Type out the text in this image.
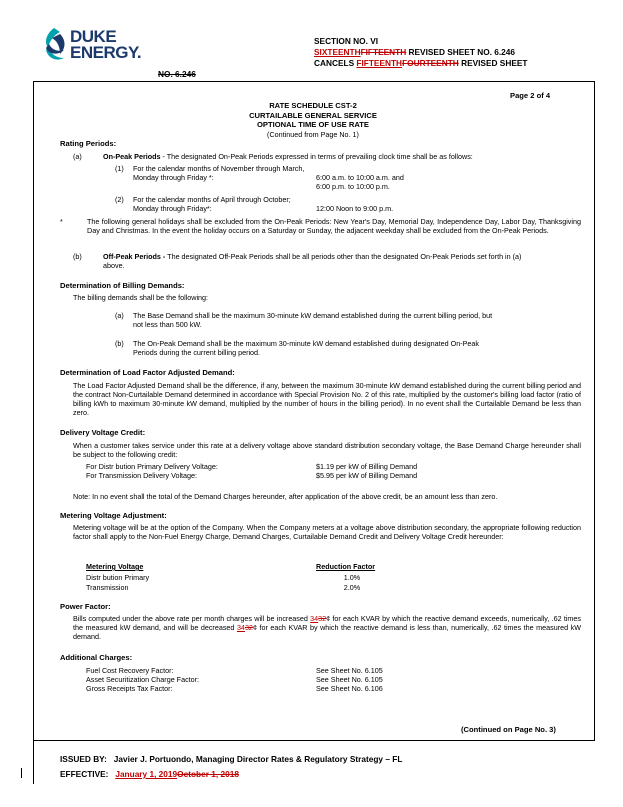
DUKE
ENERGY.
SECTION NO. VI
SIXTEENTHFIFTEENTH REVISED SHEET NO. 6.246
CANCELS FIFTEENTHFOURTEENTH REVISED SHEET
NO. 6.246
Page 2 of 4
RATE SCHEDULE CST-2
CURTAILABLE GENERAL SERVICE
OPTIONAL TIME OF USE RATE
(Continued from Page No. 1)
Rating Periods:
(a)	On-Peak Periods - The designated On-Peak Periods expressed in terms of prevailing clock time shall be as follows:
(1) For the calendar months of November through March,
Monday through Friday *:	6:00 a.m. to 10:00 a.m. and
6:00 p.m. to 10:00 p.m.
(2) For the calendar months of April through October;
Monday through Friday*:	12:00 Noon to 9:00 p.m.
*	The following general holidays shall be excluded from the On-Peak Periods: New Year's Day, Memorial Day, Independence Day, Labor Day, Thanksgiving Day and Christmas. In the event the holiday occurs on a Saturday or Sunday, the adjacent weekday shall be excluded from the On-Peak Periods.
(b)	Off-Peak Periods - The designated Off-Peak Periods shall be all periods other than the designated On-Peak Periods set forth in (a) above.
Determination of Billing Demands:
The billing demands shall be the following:
(a) The Base Demand shall be the maximum 30-minute kW demand established during the current billing period, but not less than 500 kW.
(b) The On-Peak Demand shall be the maximum 30-minute kW demand established during designated On-Peak Periods during the current billing period.
Determination of Load Factor Adjusted Demand:
The Load Factor Adjusted Demand shall be the difference, if any, between the maximum 30-minute kW demand established during the current billing period and the contract Non-Curtailable Demand determined in accordance with Special Provision No. 2 of this rate, multiplied by the customer's billing load factor (ratio of billing kWh to maximum 30-minute kW demand, multiplied by the number of hours in the billing period). In no event shall the Curtailable Demand be less than zero.
Delivery Voltage Credit:
When a customer takes service under this rate at a delivery voltage above standard distribution secondary voltage, the Base Demand Charge hereunder shall be subject to the following credit:
For Distr bution Primary Delivery Voltage:	$1.19 per kW of Billing Demand
For Transmission Delivery Voltage:	$5.95 per kW of Billing Demand
Note: In no event shall the total of the Demand Charges hereunder, after application of the above credit, be an amount less than zero.
Metering Voltage Adjustment:
Metering voltage will be at the option of the Company. When the Company meters at a voltage above distribution secondary, the appropriate following reduction factor shall apply to the Non-Fuel Energy Charge, Demand Charges, Curtailable Demand Credit and Delivery Voltage Credit hereunder:
Metering Voltage	Reduction Factor
Distr bution Primary	1.0%
Transmission	2.0%
Power Factor:
Bills computed under the above rate per month charges will be increased 3432¢ for each KVAR by which the reactive demand exceeds, numerically, .62 times the measured kW demand, and will be decreased 3432¢ for each KVAR by which the reactive demand is less than, numerically, .62 times the measured kW demand.
Additional Charges:
Fuel Cost Recovery Factor:	See Sheet No. 6.105
Asset Securitization Charge Factor:	See Sheet No. 6.105
Gross Receipts Tax Factor:	See Sheet No. 6.106
(Continued on Page No. 3)
ISSUED BY: Javier J. Portuondo, Managing Director Rates & Regulatory Strategy – FL
EFFECTIVE: January 1, 2019October 1, 2018
